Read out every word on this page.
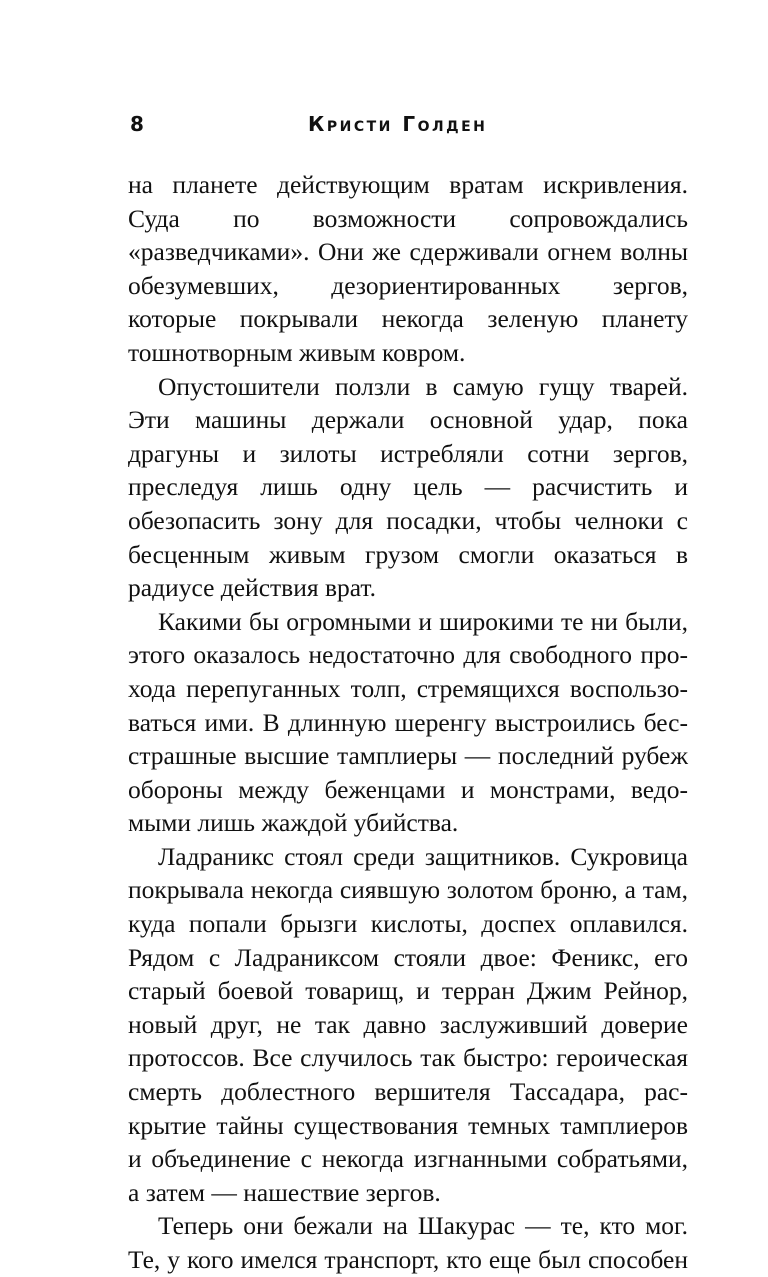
8	Кристи Голден

на планете действующим вратам искривления. Суда по возможности сопровождались «разведчиками». Они же сдерживали огнем волны обезумевших, дезориентированных зергов, которые покрывали некогда зеленую планету тошнотворным живым ковром.

Опустошители ползли в самую гущу тварей. Эти машины держали основной удар, пока драгуны и зилоты истребляли сотни зергов, преследуя лишь одну цель — расчистить и обезопасить зону для посадки, чтобы челноки с бесценным живым грузом смогли оказаться в радиусе действия врат.

Какими бы огромными и широкими те ни были, этого оказалось недостаточно для свободного прохода перепуганных толп, стремящихся воспользоваться ими. В длинную шеренгу выстроились бесстрашные высшие тамплиеры — последний рубеж обороны между беженцами и монстрами, ведомыми лишь жаждой убийства.

Ладраникс стоял среди защитников. Сукровица покрывала некогда сиявшую золотом броню, а там, куда попали брызги кислоты, доспех оплавился. Рядом с Ладраниксом стояли двое: Феникс, его старый боевой товарищ, и терран Джим Рейнор, новый друг, не так давно заслуживший доверие протоссов. Все случилось так быстро: героическая смерть доблестного вершителя Тассадара, раскрытие тайны существования темных тамплиеров и объединение с некогда изгнанными собратьями, а затем — нашествие зергов.

Теперь они бежали на Шакурас — те, кто мог. Те, у кого имелся транспорт, кто еще был способен
